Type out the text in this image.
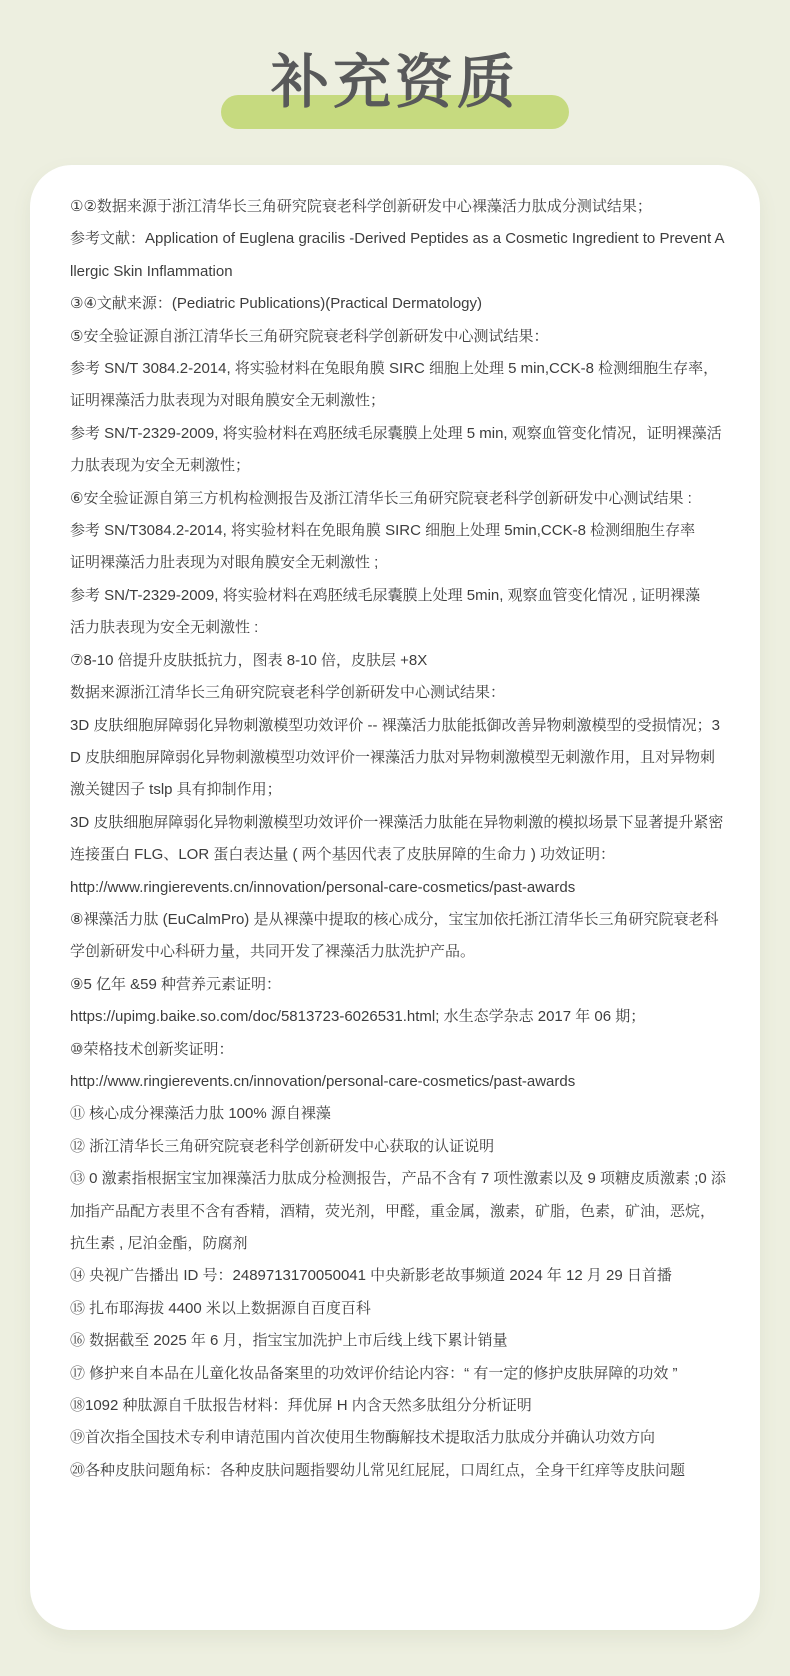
补充资质

①②数据来源于浙江清华长三角研究院衰老科学创新研发中心裸藻活力肽成分测试结果；

参考文献：Application of Euglena gracilis -Derived Peptides as a Cosmetic Ingredient to Prevent Allergic Skin Inflammation

③④文献来源：(Pediatric Publications)(Practical Dermatology)

⑤安全验证源自浙江清华长三角研究院衰老科学创新研发中心测试结果：

参考 SN/T 3084.2-2014, 将实验材料在兔眼角膜 SIRC 细胞上处理 5 min,CCK-8 检测细胞生存率，证明裸藻活力肽表现为对眼角膜安全无刺激性；

参考 SN/T-2329-2009, 将实验材料在鸡胚绒毛尿囊膜上处理 5 min, 观察血管变化情况，证明裸藻活力肽表现为安全无刺激性；

⑥安全验证源自第三方机构检测报告及浙江清华长三角研究院衰老科学创新研发中心测试结果 :

参考 SN/T3084.2-2014, 将实验材料在免眼角膜 SIRC 细胞上处理 5min,CCK-8 检测细胞生存率

证明裸藻活力肚表现为对眼角膜安全无刺激性 ;

参考 SN/T-2329-2009, 将实验材料在鸡胚绒毛尿囊膜上处理 5min, 观察血管变化情况 , 证明裸藻

活力肤表现为安全无刺激性 :

⑦8-10 倍提升皮肤抵抗力，图表 8-10 倍，皮肤层 +8X

数据来源浙江清华长三角研究院衰老科学创新研发中心测试结果：

3D 皮肤细胞屏障弱化异物刺激模型功效评价 -- 裸藻活力肽能抵御改善异物刺激模型的受损情况；3D 皮肤细胞屏障弱化异物刺激模型功效评价一裸藻活力肽对异物刺激模型无刺激作用，且对异物刺激关键因子 tslp 具有抑制作用；

3D 皮肤细胞屏障弱化异物刺激模型功效评价一裸藻活力肽能在异物刺激的模拟场景下显著提升紧密连接蛋白 FLG、LOR 蛋白表达量 ( 两个基因代表了皮肤屏障的生命力 ) 功效证明：

http://www.ringierevents.cn/innovation/personal-care-cosmetics/past-awards

⑧裸藻活力肽 (EuCalmPro) 是从裸藻中提取的核心成分，宝宝加依托浙江清华长三角研究院衰老科学创新研发中心科研力量，共同开发了裸藻活力肽洗护产品。

⑨5 亿年 &59 种营养元素证明：

https://upimg.baike.so.com/doc/5813723-6026531.html; 水生态学杂志 2017 年 06 期；

⑩荣格技术创新奖证明：

http://www.ringierevents.cn/innovation/personal-care-cosmetics/past-awards

⑪ 核心成分裸藻活力肽 100% 源自裸藻

⑫ 浙江清华长三角研究院衰老科学创新研发中心获取的认证说明

⑬ 0 激素指根据宝宝加裸藻活力肽成分检测报告，产品不含有 7 项性激素以及 9 项糖皮质激素 ;0 添加指产品配方表里不含有香精，酒精，荧光剂，甲醛，重金属，激素，矿脂，色素，矿油，恶烷，抗生素 , 尼泊金酯，防腐剂

⑭ 央视广告播出 ID 号：2489713170050041 中央新影老故事频道 2024 年 12 月 29 日首播

⑮ 扎布耶海拔 4400 米以上数据源自百度百科

⑯ 数据截至 2025 年 6 月，指宝宝加洗护上市后线上线下累计销量

⑰ 修护来自本品在儿童化妆品备案里的功效评价结论内容：“ 有一定的修护皮肤屏障的功效 ”

⑱1092 种肽源自千肽报告材料：拜优屏 H 内含天然多肽组分分析证明

⑲首次指全国技术专利申请范围内首次使用生物酶解技术提取活力肽成分并确认功效方向

⑳各种皮肤问题角标：各种皮肤问题指婴幼儿常见红屁屁，口周红点，全身干红痒等皮肤问题
